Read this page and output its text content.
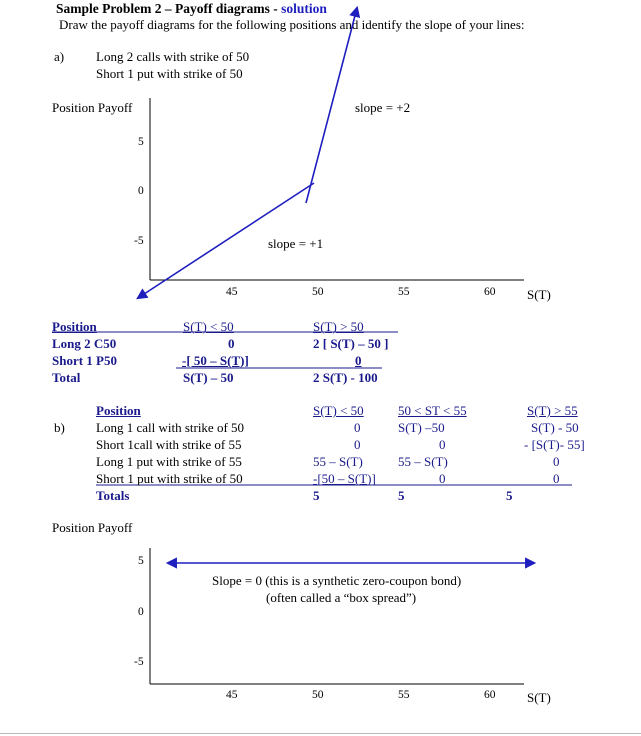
Sample Problem 2 – Payoff diagrams - solution
Draw the payoff diagrams for the following positions and identify the slope of your lines:
a) Long 2 calls with strike of 50
Short 1 put with strike of 50
Position Payoff
5
0
-5
45	50	55	60 S(T)
slope = +2
slope = +1
Position	S(T) < 50	S(T) > 50
Long 2 C50	0	2 [ S(T) – 50 ]
Short 1 P50	-[ 50 – S(T)]	0
Total	S(T) – 50	2 S(T) - 100
Position	S(T) < 50	50 < ST < 55	S(T) > 55
b) Long 1 call with strike of 50	0	S(T) –50	S(T) - 50
Short 1call with strike of 55	0	0	- [S(T)- 55]
Long 1 put with strike of 55	55 – S(T)	55 – S(T)	0
Short 1 put with strike of 50	-[50 – S(T)]	0	0
Totals	5	5	5
Position Payoff
5
0
-5
45	50	55	60 S(T)
Slope = 0 (this is a synthetic zero-coupon bond)
(often called a “box spread”)
